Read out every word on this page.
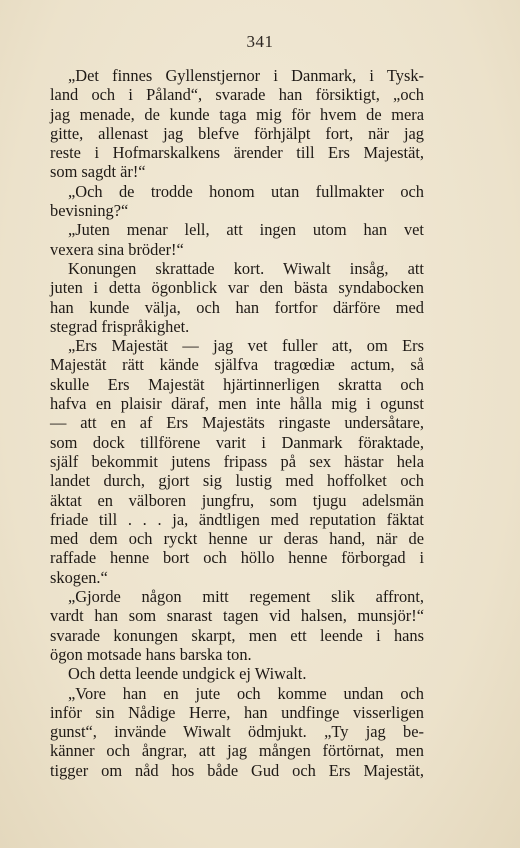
341
„Det finnes Gyllenstjernor i Danmark, i Tysk-
land och i Påland“, svarade han försiktigt, „och
jag menade, de kunde taga mig för hvem de mera
gitte, allenast jag blefve förhjälpt fort, när jag
reste i Hofmarskalkens ärender till Ers Majestät,
som sagdt är!“
„Och de trodde honom utan fullmakter och
bevisning?“
„Juten menar lell, att ingen utom han vet
vexera sina bröder!“
Konungen skrattade kort. Wiwalt insåg, att
juten i detta ögonblick var den bästa syndabocken
han kunde välja, och han fortfor därföre med
stegrad frispråkighet.
„Ers Majestät — jag vet fuller att, om Ers
Majestät rätt kände själfva tragœdiæ actum, så
skulle Ers Majestät hjärtinnerligen skratta och
hafva en plaisir däraf, men inte hålla mig i ogunst
— att en af Ers Majestäts ringaste undersåtare,
som dock tillförene varit i Danmark föraktade,
själf bekommit jutens fripass på sex hästar hela
landet durch, gjort sig lustig med hoffolket och
äktat en välboren jungfru, som tjugu adelsmän
friade till . . . ja, ändtligen med reputation fäktat
med dem och ryckt henne ur deras hand, när de
raffade henne bort och höllo henne förborgad i
skogen.“
„Gjorde någon mitt regement slik affront,
vardt han som snarast tagen vid halsen, munsjör!“
svarade konungen skarpt, men ett leende i hans
ögon motsade hans barska ton.
Och detta leende undgick ej Wiwalt.
„Vore han en jute och komme undan och
inför sin Nådige Herre, han undfinge visserligen
gunst“, invände Wiwalt ödmjukt. „Ty jag be-
känner och ångrar, att jag mången förtörnat, men
tigger om nåd hos både Gud och Ers Majestät,
